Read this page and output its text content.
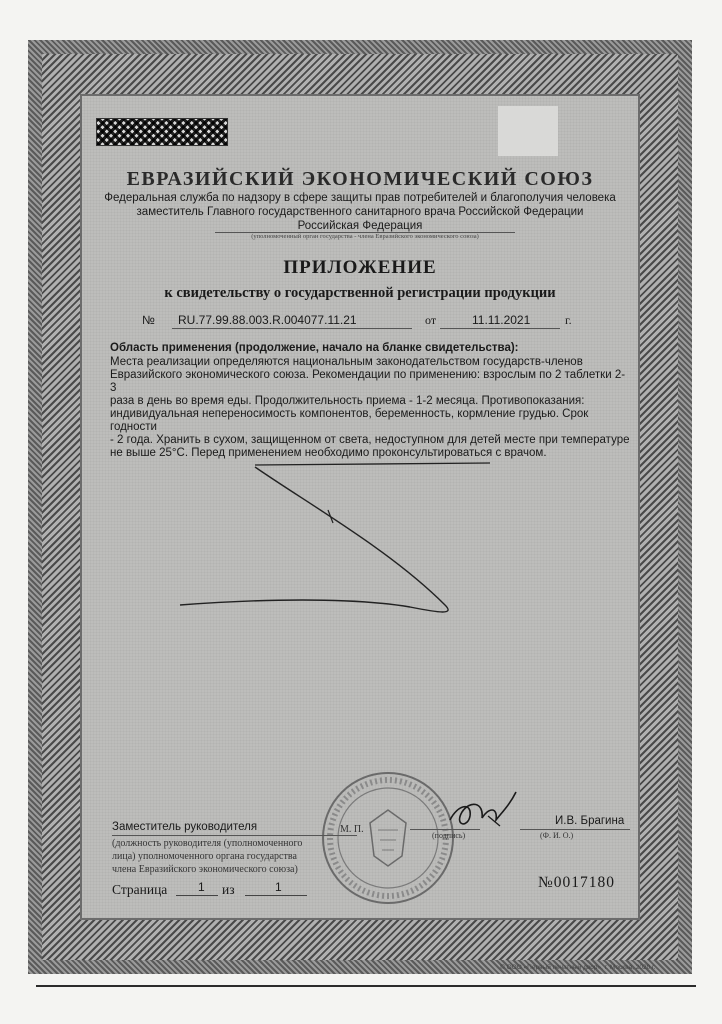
ЕВРАЗИЙСКИЙ ЭКОНОМИЧЕСКИЙ СОЮЗ
Федеральная служба по надзору в сфере защиты прав потребителей и благополучия человека
заместитель Главного государственного санитарного врача Российской Федерации
Российская Федерация
(уполномоченный орган государства - члена Евразийского экономического союза)
ПРИЛОЖЕНИЕ
к свидетельству о государственной регистрации продукции
№ RU.77.99.88.003.R.004077.11.21	от	11.11.2021	г.
Область применения (продолжение, начало на бланке свидетельства):
Места реализации определяются национальным законодательством государств-членов
Евразийского экономического союза. Рекомендации по применению: взрослым по 2 таблетки 2-3
раза в день во время еды. Продолжительность приема - 1-2 месяца. Противопоказания:
индивидуальная непереносимость компонентов, беременность, кормление грудью. Срок годности
- 2 года. Хранить в сухом, защищенном от света, недоступном для детей месте при температуре
не выше 25°С. Перед применением необходимо проконсультироваться с врачом.
Заместитель руководителя	М. П.
(подпись)
И.В. Брагина
(Ф. И. О.)
(должность руководителя (уполномоченного
лица) уполномоченного органа государства
члена Евразийского экономического союза)
Страница	1 из	1	№0017180
© ООО «Первый печатный двор», г. Москва, 2020 г.
